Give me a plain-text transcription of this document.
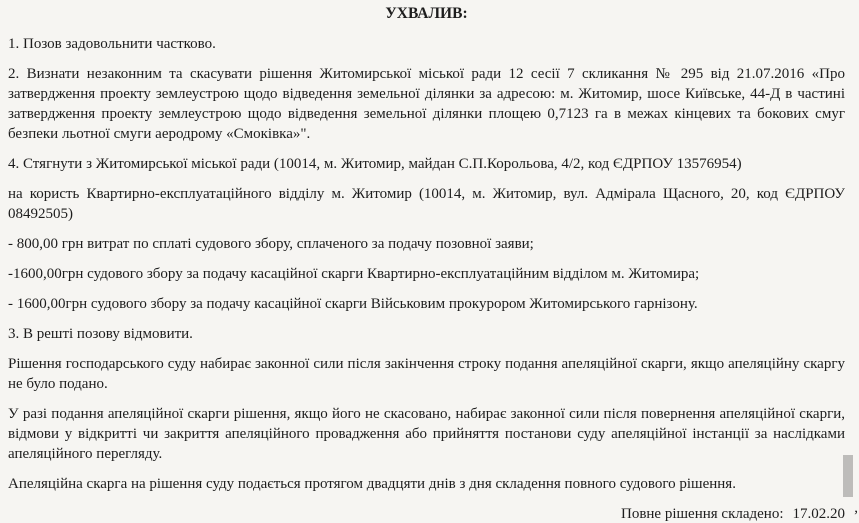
УХВАЛИВ:

1. Позов задовольнити частково.

2. Визнати незаконним та скасувати рішення Житомирської міської ради 12 сесії 7 скликання № 295 від 21.07.2016 «Про затвердження проекту землеустрою щодо відведення земельної ділянки за адресою: м. Житомир, шосе Київське, 44-Д в частині затвердження проекту землеустрою щодо відведення земельної ділянки площею 0,7123 га в межах кінцевих та бокових смуг безпеки льотної смуги аеродрому «Смоківка»".

4. Стягнути з Житомирської міської ради (10014, м. Житомир, майдан С.П.Корольова, 4/2, код ЄДРПОУ 13576954)

на користь Квартирно-експлуатаційного відділу м. Житомир (10014, м. Житомир, вул. Адмірала Щасного, 20, код ЄДРПОУ 08492505)

- 800,00 грн витрат по сплаті судового збору, сплаченого за подачу позовної заяви;

-1600,00грн судового збору за подачу касаційної скарги Квартирно-експлуатаційним відділом м. Житомира;

- 1600,00грн судового збору за подачу касаційної скарги Військовим прокурором Житомирського гарнізону.

3. В решті позову відмовити.

Рішення господарського суду набирає законної сили після закінчення строку подання апеляційної скарги, якщо апеляційну скаргу не було подано.

У разі подання апеляційної скарги рішення, якщо його не скасовано, набирає законної сили після повернення апеляційної скарги, відмови у відкритті чи закриття апеляційного провадження або прийняття постанови суду апеляційної інстанції за наслідками апеляційного перегляду.

Апеляційна скарга на рішення суду подається протягом двадцяти днів з дня складення повного судового рішення.

Повне рішення складено: 17.02.20 ,
